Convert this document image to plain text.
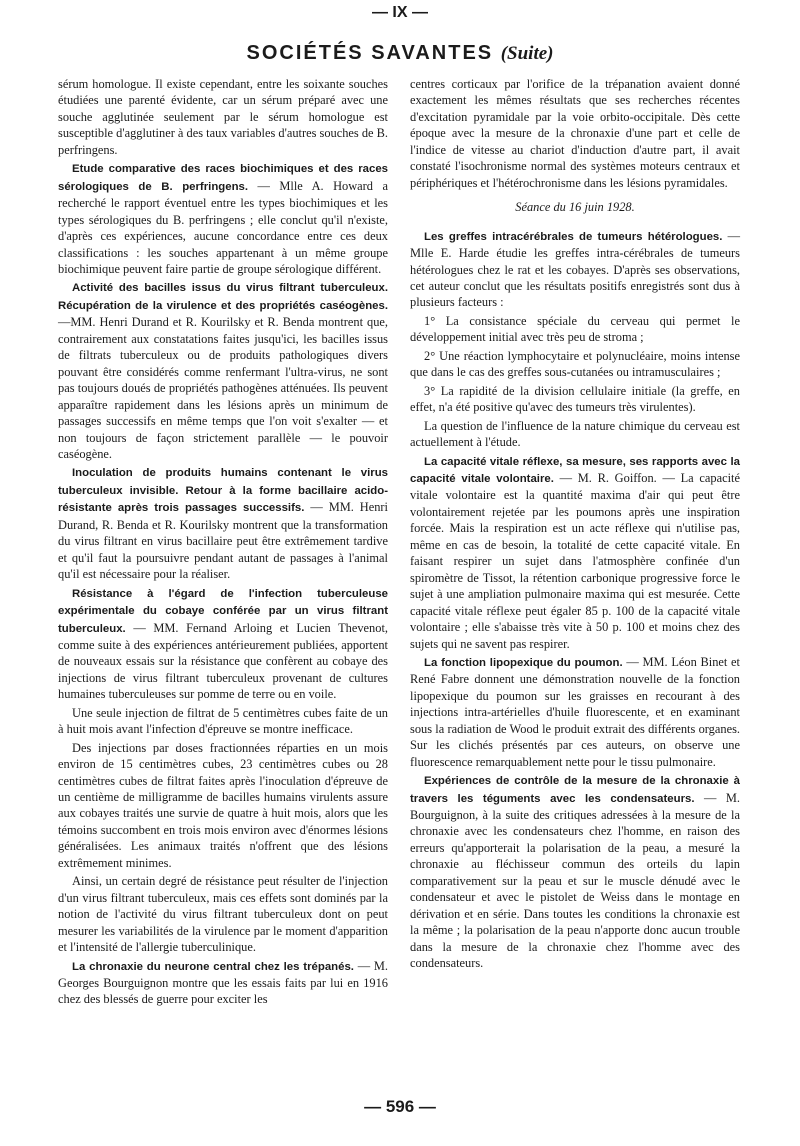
— IX —
SOCIÉTÉS SAVANTES (Suite)

sérum homologue. Il existe cependant, entre les soixante souches étudiées une parenté évidente, car un sérum préparé avec une souche agglutinée seulement par le sérum homologue est susceptible d'agglutiner à des taux variables d'autres souches de B. perfringens.

Etude comparative des races biochimiques et des races sérologiques de B. perfringens. — Mlle A. Howard a recherché le rapport éventuel entre les types biochimiques et les types sérologiques du B. perfringens ; elle conclut qu'il n'existe, d'après ces expériences, aucune concordance entre ces deux classifications : les souches appartenant à un même groupe biochimique peuvent faire partie de groupe sérologique différent.

Activité des bacilles issus du virus filtrant tuberculeux. Récupération de la virulence et des propriétés caséogènes. —MM. Henri Durand et R. Kourilsky et R. Benda montrent que, contrairement aux constatations faites jusqu'ici, les bacilles issus de filtrats tuberculeux ou de produits pathologiques divers pouvant être considérés comme renfermant l'ultra-virus, ne sont pas toujours doués de propriétés pathogènes atténuées. Ils peuvent apparaître rapidement dans les lésions après un minimum de passages successifs en même temps que l'on voit s'exalter — et non toujours de façon strictement parallèle — le pouvoir caséogène.

Inoculation de produits humains contenant le virus tuberculeux invisible. Retour à la forme bacillaire acido-résistante après trois passages successifs. — MM. Henri Durand, R. Benda et R. Kourilsky montrent que la transformation du virus filtrant en virus bacillaire peut être extrêmement tardive et qu'il faut la poursuivre pendant autant de passages à l'animal qu'il est nécessaire pour la réaliser.

Résistance à l'égard de l'infection tuberculeuse expérimentale du cobaye conférée par un virus filtrant tuberculeux. — MM. Fernand Arloing et Lucien Thevenot, comme suite à des expériences antérieurement publiées, apportent de nouveaux essais sur la résistance que confèrent au cobaye des injections de virus filtrant tuberculeux provenant de cultures humaines tuberculeuses sur pomme de terre ou en voile.

Une seule injection de filtrat de 5 centimètres cubes faite de un à huit mois avant l'infection d'épreuve se montre inefficace.

Des injections par doses fractionnées réparties en un mois environ de 15 centimètres cubes, 23 centimètres cubes ou 28 centimètres cubes de filtrat faites après l'inoculation d'épreuve de un centième de milligramme de bacilles humains virulents assure aux cobayes traités une survie de quatre à huit mois, alors que les témoins succombent en trois mois environ avec d'énormes lésions généralisées. Les animaux traités n'offrent que des lésions extrêmement minimes.

Ainsi, un certain degré de résistance peut résulter de l'injection d'un virus filtrant tuberculeux, mais ces effets sont dominés par la notion de l'activité du virus filtrant tuberculeux dont on peut mesurer les variabilités de la virulence par le moment d'apparition et l'intensité de l'allergie tuberculinique.

La chronaxie du neurone central chez les trépanés. — M. Georges Bourguignon montre que les essais faits par lui en 1916 chez des blessés de guerre pour exciter les

centres corticaux par l'orifice de la trépanation avaient donné exactement les mêmes résultats que ses recherches récentes d'excitation pyramidale par la voie orbito-occipitale. Dès cette époque avec la mesure de la chronaxie d'une part et celle de l'indice de vitesse au chariot d'induction d'autre part, il avait constaté l'isochronisme normal des systèmes moteurs centraux et périphériques et l'hétérochronisme dans les lésions pyramidales.

Séance du 16 juin 1928.

Les greffes intracérébrales de tumeurs hétérologues. — Mlle E. Harde étudie les greffes intra-cérébrales de tumeurs hétérologues chez le rat et les cobayes. D'après ses observations, cet auteur conclut que les résultats positifs enregistrés sont dus à plusieurs facteurs :

1° La consistance spéciale du cerveau qui permet le développement initial avec très peu de stroma ;

2° Une réaction lymphocytaire et polynucléaire, moins intense que dans le cas des greffes sous-cutanées ou intramusculaires ;

3° La rapidité de la division cellulaire initiale (la greffe, en effet, n'a été positive qu'avec des tumeurs très virulentes).

La question de l'influence de la nature chimique du cerveau est actuellement à l'étude.

La capacité vitale réflexe, sa mesure, ses rapports avec la capacité vitale volontaire. — M. R. Goiffon. — La capacité vitale volontaire est la quantité maxima d'air qui peut être volontairement rejetée par les poumons après une inspiration forcée. Mais la respiration est un acte réflexe qui n'utilise pas, même en cas de besoin, la totalité de cette capacité vitale. En faisant respirer un sujet dans l'atmosphère confinée d'un spiromètre de Tissot, la rétention carbonique progressive force le sujet à une ampliation pulmonaire maxima qui est mesurée. Cette capacité vitale réflexe peut égaler 85 p. 100 de la capacité vitale volontaire ; elle s'abaisse très vite à 50 p. 100 et moins chez des sujets qui ne savent pas respirer.

La fonction lipopexique du poumon. — MM. Léon Binet et René Fabre donnent une démonstration nouvelle de la fonction lipopexique du poumon sur les graisses en recourant à des injections intra-artérielles d'huile fluorescente, et en examinant sous la radiation de Wood le produit extrait des différents organes. Sur les clichés présentés par ces auteurs, on observe une fluorescence remarquablement nette pour le tissu pulmonaire.

Expériences de contrôle de la mesure de la chronaxie à travers les téguments avec les condensateurs. — M. Bourguignon, à la suite des critiques adressées à la mesure de la chronaxie avec les condensateurs chez l'homme, en raison des erreurs qu'apporterait la polarisation de la peau, a mesuré la chronaxie au fléchisseur commun des orteils du lapin comparativement sur la peau et sur le muscle dénudé avec le condensateur et avec le pistolet de Weiss dans le montage en dérivation et en série. Dans toutes les conditions la chronaxie est la même ; la polarisation de la peau n'apporte donc aucun trouble dans la mesure de la chronaxie chez l'homme avec des condensateurs.

— 596 —
